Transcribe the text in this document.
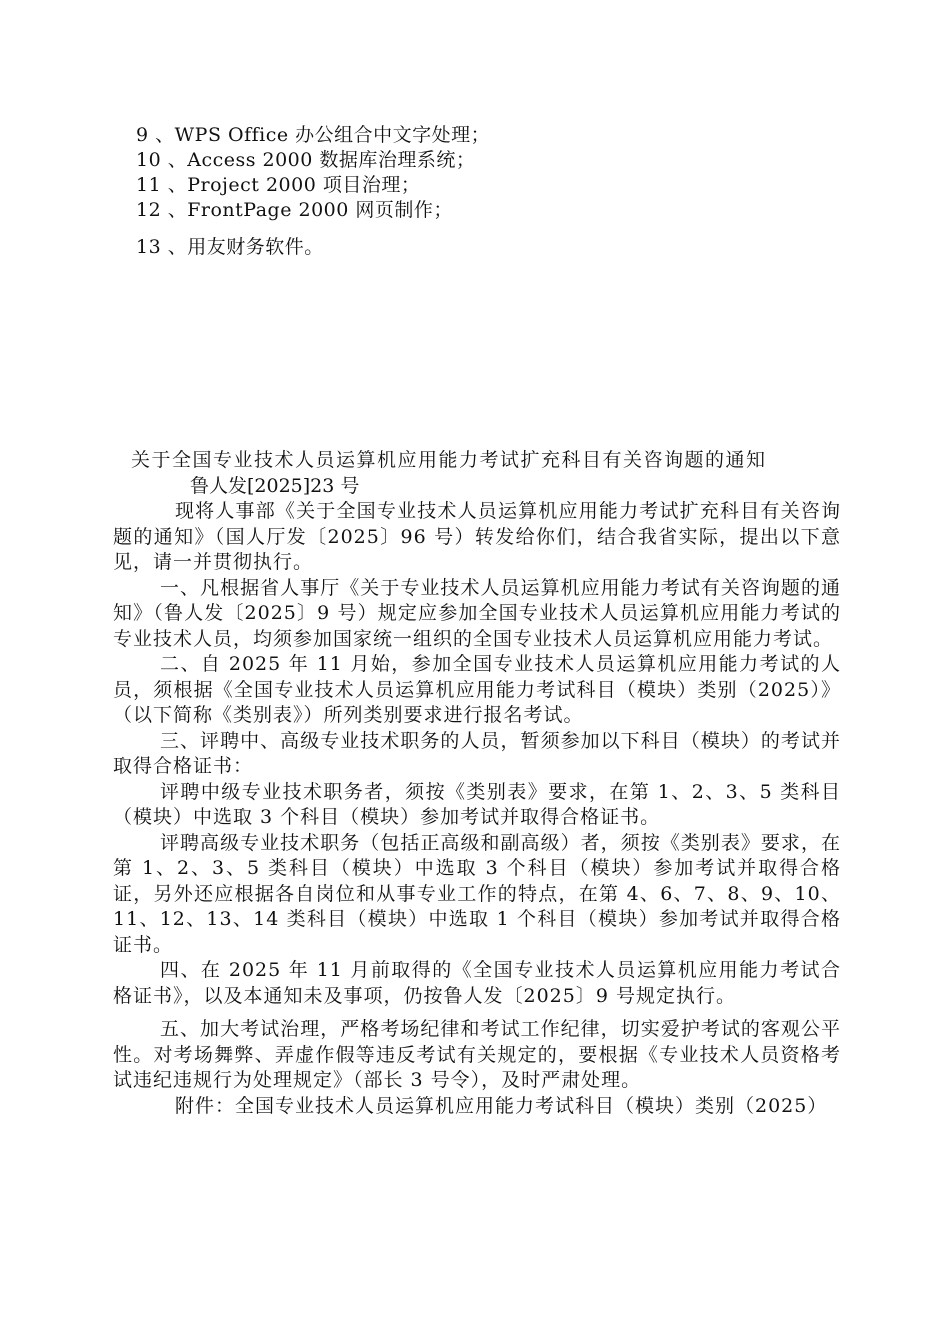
9 、WPS Office 办公组合中文字处理；
10 、Access 2000 数据库治理系统；
11 、Project 2000 项目治理；
12 、FrontPage 2000 网页制作；
13 、用友财务软件。
关于全国专业技术人员运算机应用能力考试扩充科目有关咨询题的通知
鲁人发[2025]23 号
现将人事部《关于全国专业技术人员运算机应用能力考试扩充科目有关咨询题的通知》（国人厅发〔2025〕96 号）转发给你们，结合我省实际，提出以下意见，请一并贯彻执行。
一、凡根据省人事厅《关于专业技术人员运算机应用能力考试有关咨询题的通知》（鲁人发〔2025〕9 号）规定应参加全国专业技术人员运算机应用能力考试的专业技术人员，均须参加国家统一组织的全国专业技术人员运算机应用能力考试。
二、自 2025 年 11 月始，参加全国专业技术人员运算机应用能力考试的人员，须根据《全国专业技术人员运算机应用能力考试科目（模块）类别（2025）》（以下简称《类别表》）所列类别要求进行报名考试。
三、评聘中、高级专业技术职务的人员，暂须参加以下科目（模块）的考试并取得合格证书：
评聘中级专业技术职务者，须按《类别表》要求，在第 1、2、3、5 类科目（模块）中选取 3 个科目（模块）参加考试并取得合格证书。
评聘高级专业技术职务（包括正高级和副高级）者，须按《类别表》要求，在第 1、2、3、5 类科目（模块）中选取 3 个科目（模块）参加考试并取得合格证，另外还应根据各自岗位和从事专业工作的特点，在第 4、6、7、8、9、10、11、12、13、14 类科目（模块）中选取 1 个科目（模块）参加考试并取得合格证书。
四、在 2025 年 11 月前取得的《全国专业技术人员运算机应用能力考试合格证书》，以及本通知未及事项，仍按鲁人发〔2025〕9 号规定执行。
五、加大考试治理，严格考场纪律和考试工作纪律，切实爱护考试的客观公平性。对考场舞弊、弄虚作假等违反考试有关规定的，要根据《专业技术人员资格考试违纪违规行为处理规定》（部长 3 号令），及时严肃处理。
附件：全国专业技术人员运算机应用能力考试科目（模块）类别（2025）
